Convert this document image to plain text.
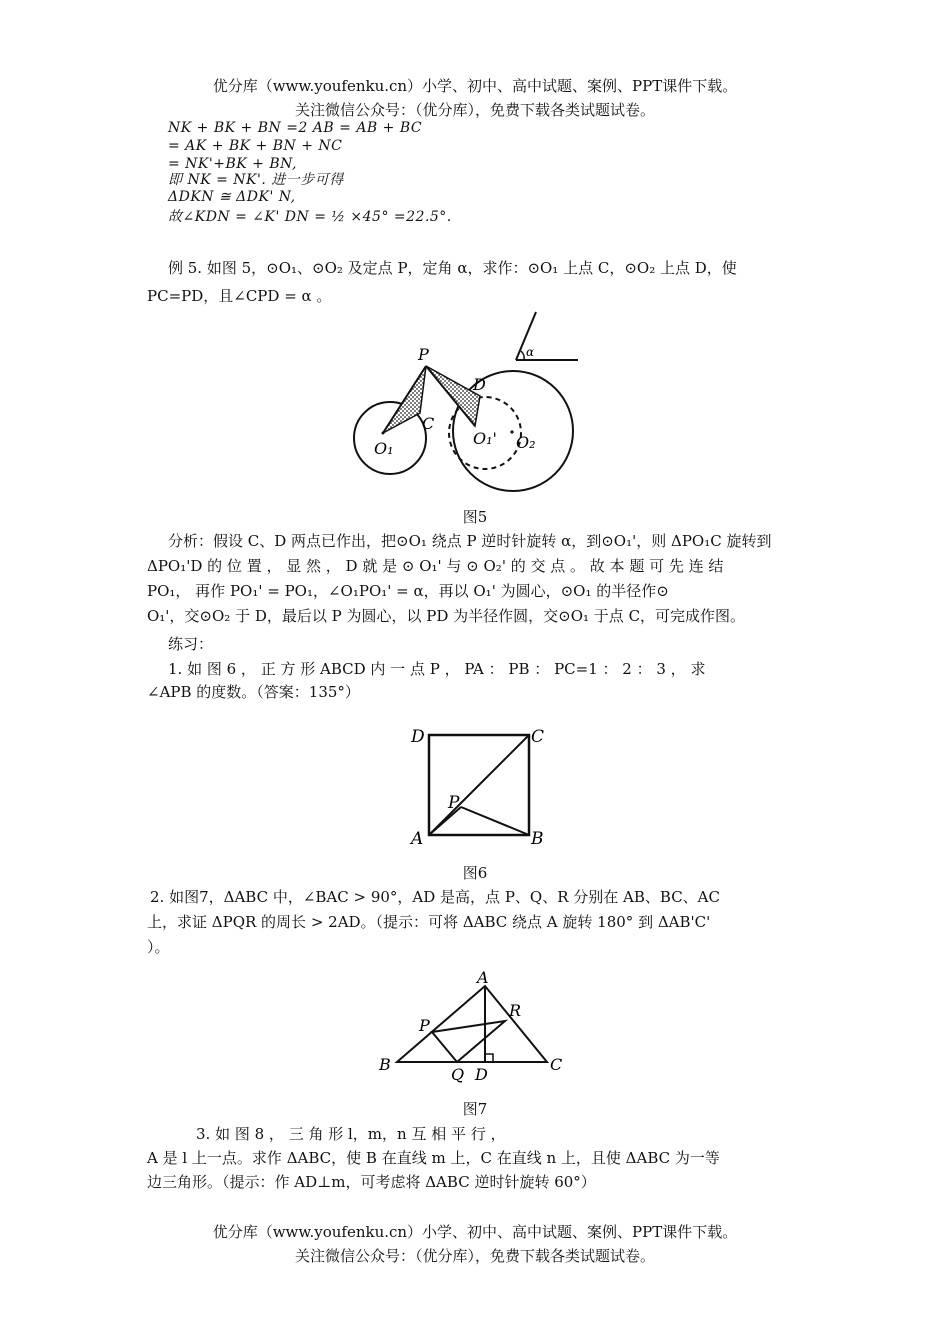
优分库（www.youfenku.cn）小学、初中、高中试题、案例、PPT课件下载。
关注微信公众号：（优分库），免费下载各类试题试卷。
NK + BK + BN =2 AB = AB + BC
= AK + BK + BN + NC
= NK'+BK + BN,
即 NK = NK'. 进一步可得
ΔDKN ≅ ΔDK' N,
故∠KDN = ∠K' DN = ½ ×45° =22.5°.
例 5. 如图 5，⊙O₁、⊙O₂ 及定点 P，定角 α，求作：⊙O₁ 上点 C，⊙O₂ 上点 D，使
PC=PD，且∠CPD = α 。
α
P
C
D
O₁
O₁' O₂
图5
分析：假设 C、D 两点已作出，把⊙O₁ 绕点 P 逆时针旋转 α，到⊙O₁'，则 ΔPO₁C 旋转到
ΔPO₁'D 的 位 置 ， 显 然 ， D 就 是 ⊙ O₁' 与 ⊙ O₂' 的 交 点 。 故 本 题 可 先 连 结
PO₁， 再作 PO₁' = PO₁，∠O₁PO₁' = α，再以 O₁' 为圆心，⊙O₁ 的半径作⊙
O₁'，交⊙O₂ 于 D，最后以 P 为圆心，以 PD 为半径作圆，交⊙O₁ 于点 C，可完成作图。
练习：
1. 如 图 6 ， 正 方 形 ABCD 内 一 点 P ， PA ： PB ： PC=1 ： 2 ： 3 ， 求
∠APB 的度数。（答案：135°）
D	C
A	B
P
图6
2. 如图7，ΔABC 中，∠BAC > 90°，AD 是高，点 P、Q、R 分别在 AB、BC、AC
上，求证 ΔPQR 的周长 > 2AD。（提示：可将 ΔABC 绕点 A 旋转 180° 到 ΔAB'C'
）。
A
B	C
D
Q
P
R
图7
3. 如 图 8 ， 三 角 形 l，m，n 互 相 平 行 ，
A 是 l 上一点。求作 ΔABC，使 B 在直线 m 上，C 在直线 n 上，且使 ΔABC 为一等
边三角形。（提示：作 AD⊥m，可考虑将 ΔABC 逆时针旋转 60°）
优分库（www.youfenku.cn）小学、初中、高中试题、案例、PPT课件下载。
关注微信公众号：（优分库），免费下载各类试题试卷。
